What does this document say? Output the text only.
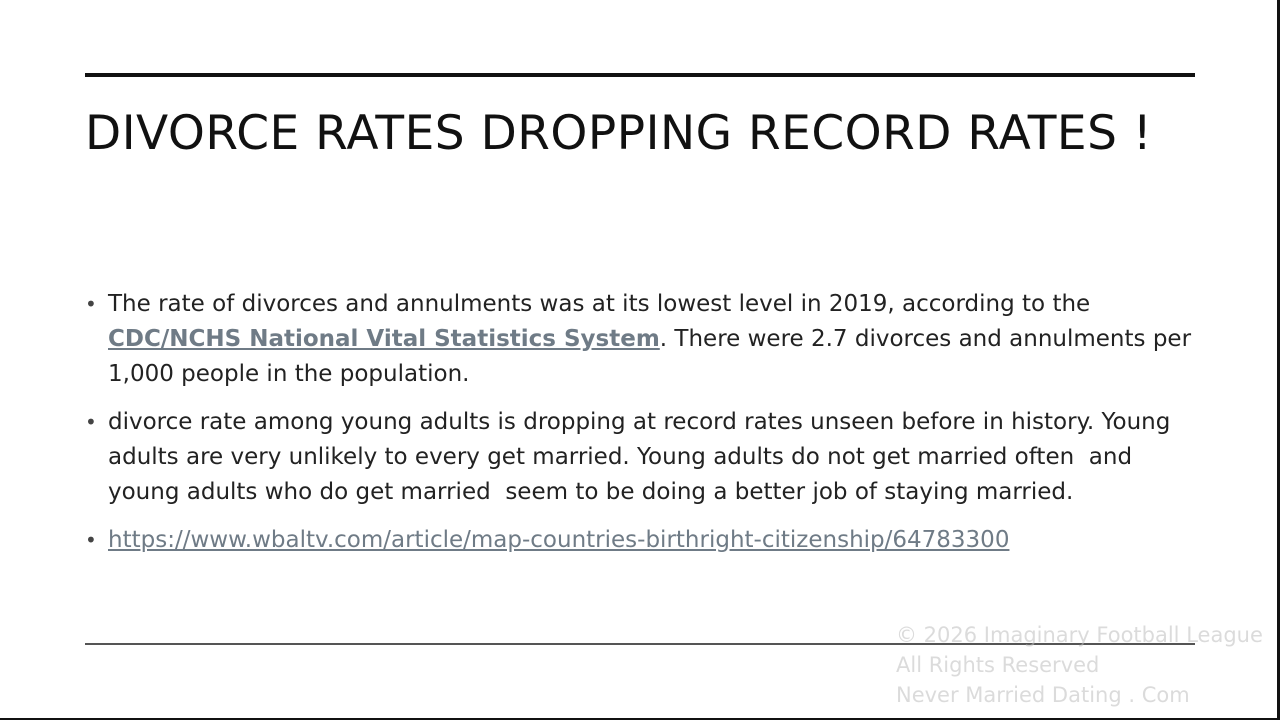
DIVORCE RATES DROPPING RECORD RATES !
• The rate of divorces and annulments was at its lowest level in 2019, according to the CDC/NCHS National Vital Statistics System. There were 2.7 divorces and annulments per 1,000 people in the population.
• divorce rate among young adults is dropping at record rates unseen before in history. Young adults are very unlikely to every get married. Young adults do not get married often  and young adults who do get married  seem to be doing a better job of staying married.
• https://www.wbaltv.com/article/map-countries-birthright-citizenship/64783300
© 2026 Imaginary Football League
All Rights Reserved
Never Married Dating . Com
